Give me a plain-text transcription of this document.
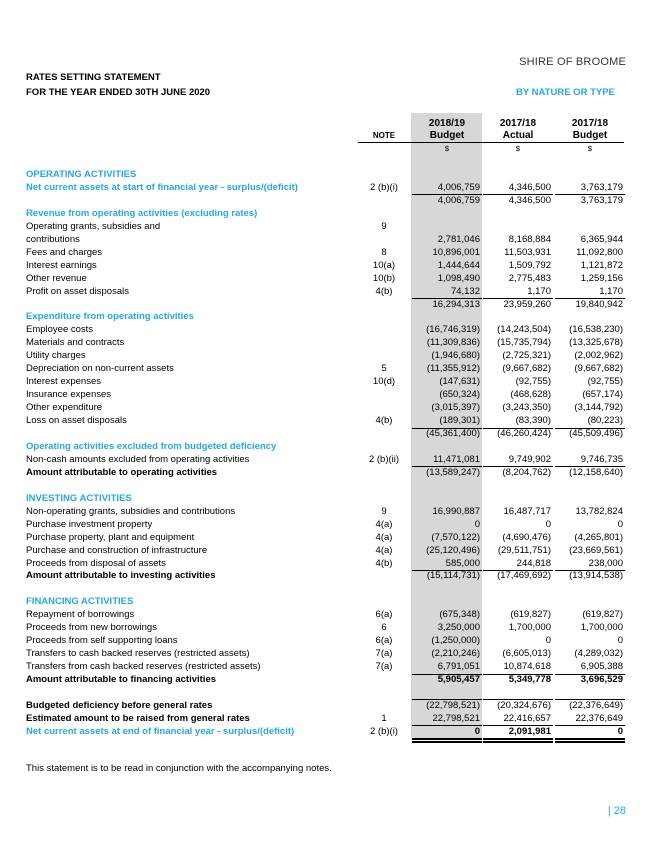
SHIRE OF BROOME
RATES SETTING STATEMENT
FOR THE YEAR ENDED 30TH JUNE 2020	BY NATURE OR TYPE
2018/19
Budget
2017/18
Actual
2017/18
Budget
NOTE
$	$	$
OPERATING ACTIVITIES
Net current assets at start of financial year - surplus/(deficit)	2 (b)(i)	4,006,759	4,346,500	3,763,179
4,006,759	4,346,500	3,763,179
Revenue from operating activities (excluding rates)
Operating grants, subsidies and	9
contributions	2,781,046	8,168,884	6,365,944
Fees and charges	8	10,896,001	11,503,931	11,092,800
Interest earnings	10(a)	1,444,644	1,509,792	1,121,872
Other revenue	10(b)	1,098,490	2,775,483	1,259,156
Profit on asset disposals	4(b)	74,132	1,170	1,170
16,294,313	23,959,260	19,840,942
Expenditure from operating activities
Employee costs	(16,746,319)	(14,243,504)	(16,538,230)
Materials and contracts	(11,309,836)	(15,735,794)	(13,325,678)
Utility charges	(1,946,680)	(2,725,321)	(2,002,962)
Depreciation on non-current assets	5	(11,355,912)	(9,667,682)	(9,667,682)
Interest expenses	10(d)	(147,631)	(92,755)	(92,755)
Insurance expenses	(650,324)	(468,628)	(657,174)
Other expenditure	(3,015,397)	(3,243,350)	(3,144,792)
Loss on asset disposals	4(b)	(189,301)	(83,390)	(80,223)
(45,361,400)	(46,260,424)	(45,509,496)
Operating activities excluded from budgeted deficiency
Non-cash amounts excluded from operating activities	2 (b)(ii)	11,471,081	9,749,902	9,746,735
Amount attributable to operating activities	(13,589,247)	(8,204,762)	(12,158,640)
INVESTING ACTIVITIES
Non-operating grants, subsidies and contributions	9	16,990,887	16,487,717	13,782,824
Purchase investment property	4(a)	0	0	0
Purchase property, plant and equipment	4(a)	(7,570,122)	(4,690,476)	(4,265,801)
Purchase and construction of infrastructure	4(a)	(25,120,496)	(29,511,751)	(23,669,561)
Proceeds from disposal of assets	4(b)	585,000	244,818	238,000
Amount attributable to investing activities	(15,114,731)	(17,469,692)	(13,914,538)
FINANCING ACTIVITIES
Repayment of borrowings	6(a)	(675,348)	(619,827)	(619,827)
Proceeds from new borrowings	6	3,250,000	1,700,000	1,700,000
Proceeds from self supporting loans	6(a)	(1,250,000)	0	0
Transfers to cash backed reserves (restricted assets)	7(a)	(2,210,246)	(6,605,013)	(4,289,032)
Transfers from cash backed reserves (restricted assets)	7(a)	6,791,051	10,874,618	6,905,388
Amount attributable to financing activities	5,905,457	5,349,778	3,696,529
Budgeted deficiency before general rates	(22,798,521)	(20,324,676)	(22,376,649)
Estimated amount to be raised from general rates	1	22,798,521	22,416,657	22,376,649
Net current assets at end of financial year - surplus/(deficit)	2 (b)(i)	0	2,091,981	0
This statement is to be read in conjunction with the accompanying notes.
| 28
